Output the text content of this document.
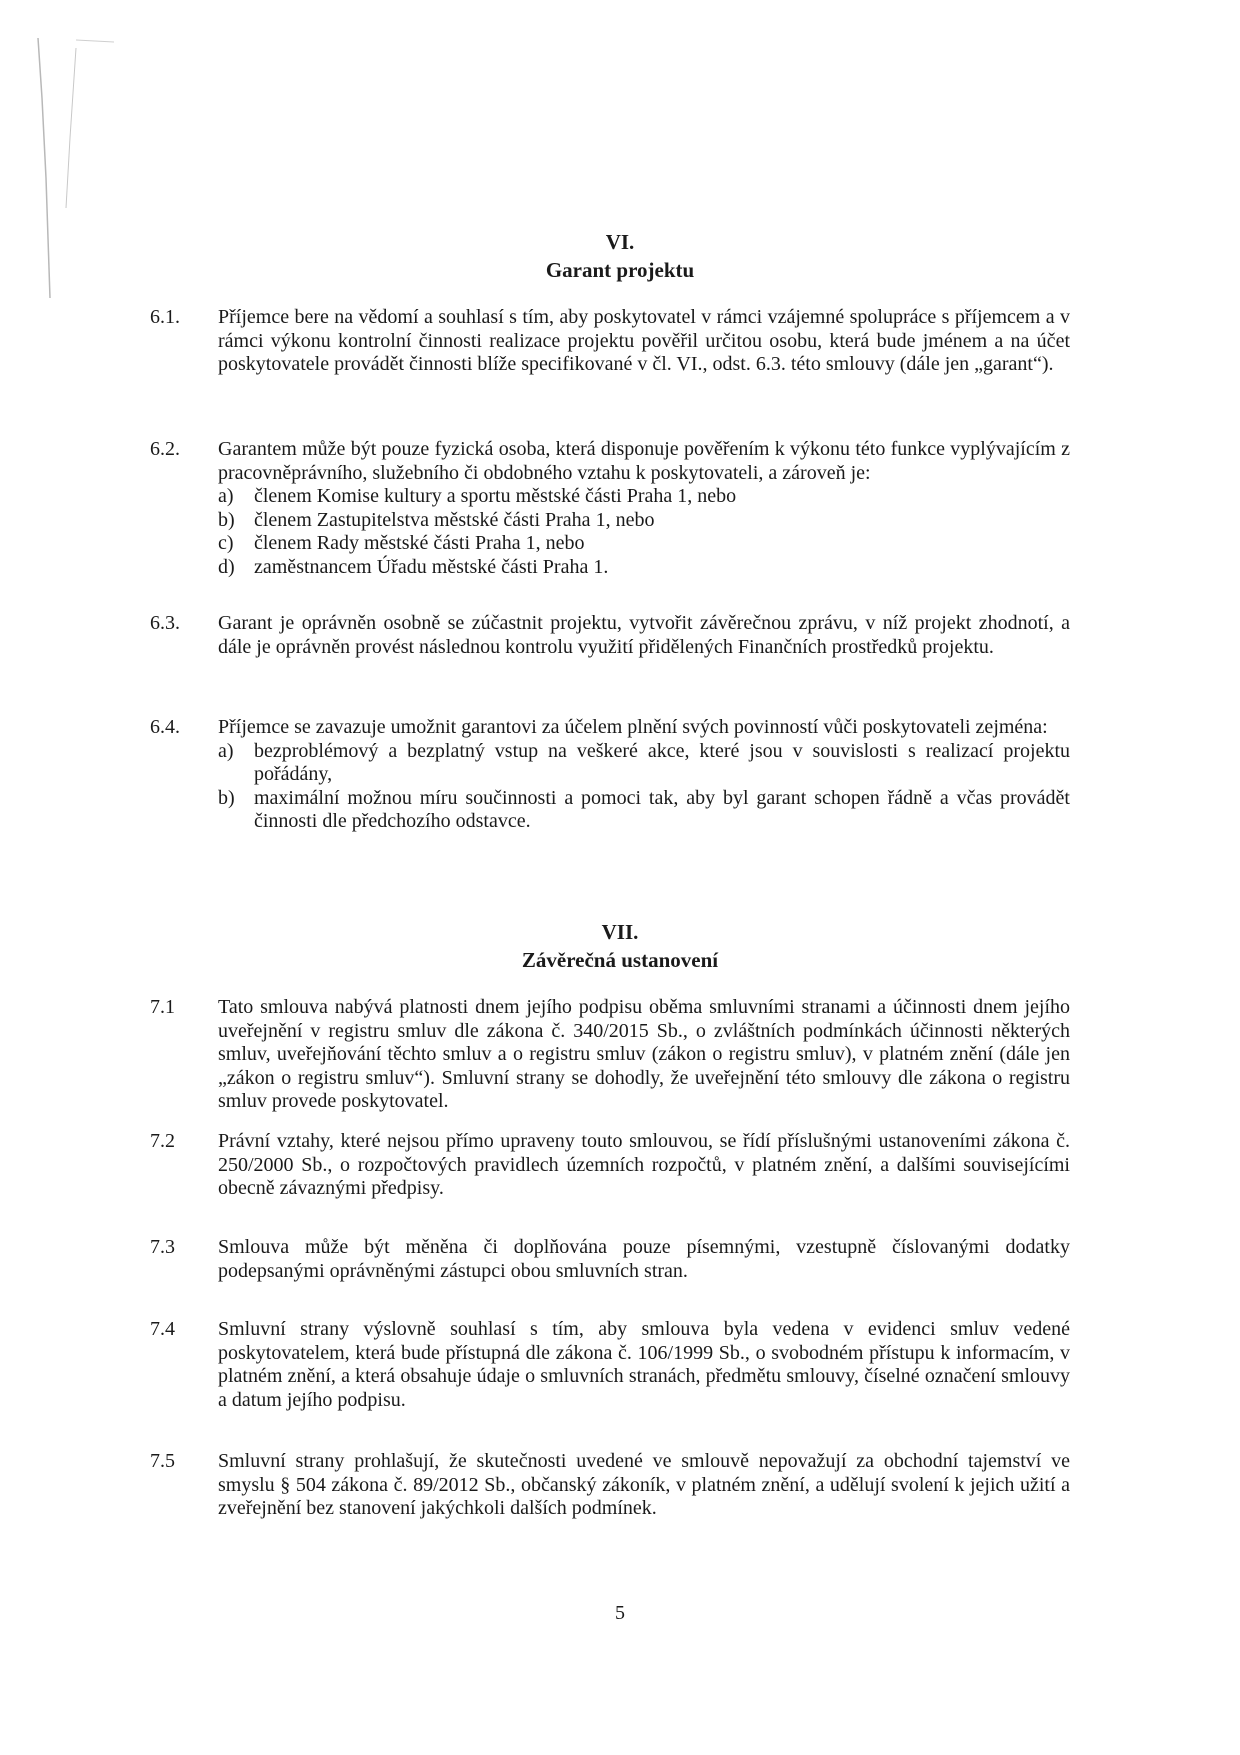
VI.
Garant projektu
6.1.	Příjemce bere na vědomí a souhlasí s tím, aby poskytovatel v rámci vzájemné spolupráce s příjemcem a v rámci výkonu kontrolní činnosti realizace projektu pověřil určitou osobu, která bude jménem a na účet poskytovatele provádět činnosti blíže specifikované v čl. VI., odst. 6.3. této smlouvy (dále jen „garant“).
6.2.	Garantem může být pouze fyzická osoba, která disponuje pověřením k výkonu této funkce vyplývajícím z pracovněprávního, služebního či obdobného vztahu k poskytovateli, a zároveň je:
a) členem Komise kultury a sportu městské části Praha 1, nebo
b) členem Zastupitelstva městské části Praha 1, nebo
c) členem Rady městské části Praha 1, nebo
d) zaměstnancem Úřadu městské části Praha 1.
6.3.	Garant je oprávněn osobně se zúčastnit projektu, vytvořit závěrečnou zprávu, v níž projekt zhodnotí, a dále je oprávněn provést následnou kontrolu využití přidělených Finančních prostředků projektu.
6.4.	Příjemce se zavazuje umožnit garantovi za účelem plnění svých povinností vůči poskytovateli zejména:
a) bezproblémový a bezplatný vstup na veškeré akce, které jsou v souvislosti s realizací projektu pořádány,
b) maximální možnou míru součinnosti a pomoci tak, aby byl garant schopen řádně a včas provádět činnosti dle předchozího odstavce.
VII.
Závěrečná ustanovení
7.1	Tato smlouva nabývá platnosti dnem jejího podpisu oběma smluvními stranami a účinnosti dnem jejího uveřejnění v registru smluv dle zákona č. 340/2015 Sb., o zvláštních podmínkách účinnosti některých smluv, uveřejňování těchto smluv a o registru smluv (zákon o registru smluv), v platném znění (dále jen „zákon o registru smluv“). Smluvní strany se dohodly, že uveřejnění této smlouvy dle zákona o registru smluv provede poskytovatel.
7.2	Právní vztahy, které nejsou přímo upraveny touto smlouvou, se řídí příslušnými ustanoveními zákona č. 250/2000 Sb., o rozpočtových pravidlech územních rozpočtů, v platném znění, a dalšími souvisejícími obecně závaznými předpisy.
7.3	Smlouva může být měněna či doplňována pouze písemnými, vzestupně číslovanými dodatky podepsanými oprávněnými zástupci obou smluvních stran.
7.4	Smluvní strany výslovně souhlasí s tím, aby smlouva byla vedena v evidenci smluv vedené poskytovatelem, která bude přístupná dle zákona č. 106/1999 Sb., o svobodném přístupu k informacím, v platném znění, a která obsahuje údaje o smluvních stranách, předmětu smlouvy, číselné označení smlouvy a datum jejího podpisu.
7.5	Smluvní strany prohlašují, že skutečnosti uvedené ve smlouvě nepovažují za obchodní tajemství ve smyslu § 504 zákona č. 89/2012 Sb., občanský zákoník, v platném znění, a udělují svolení k jejich užití a zveřejnění bez stanovení jakýchkoli dalších podmínek.
5
